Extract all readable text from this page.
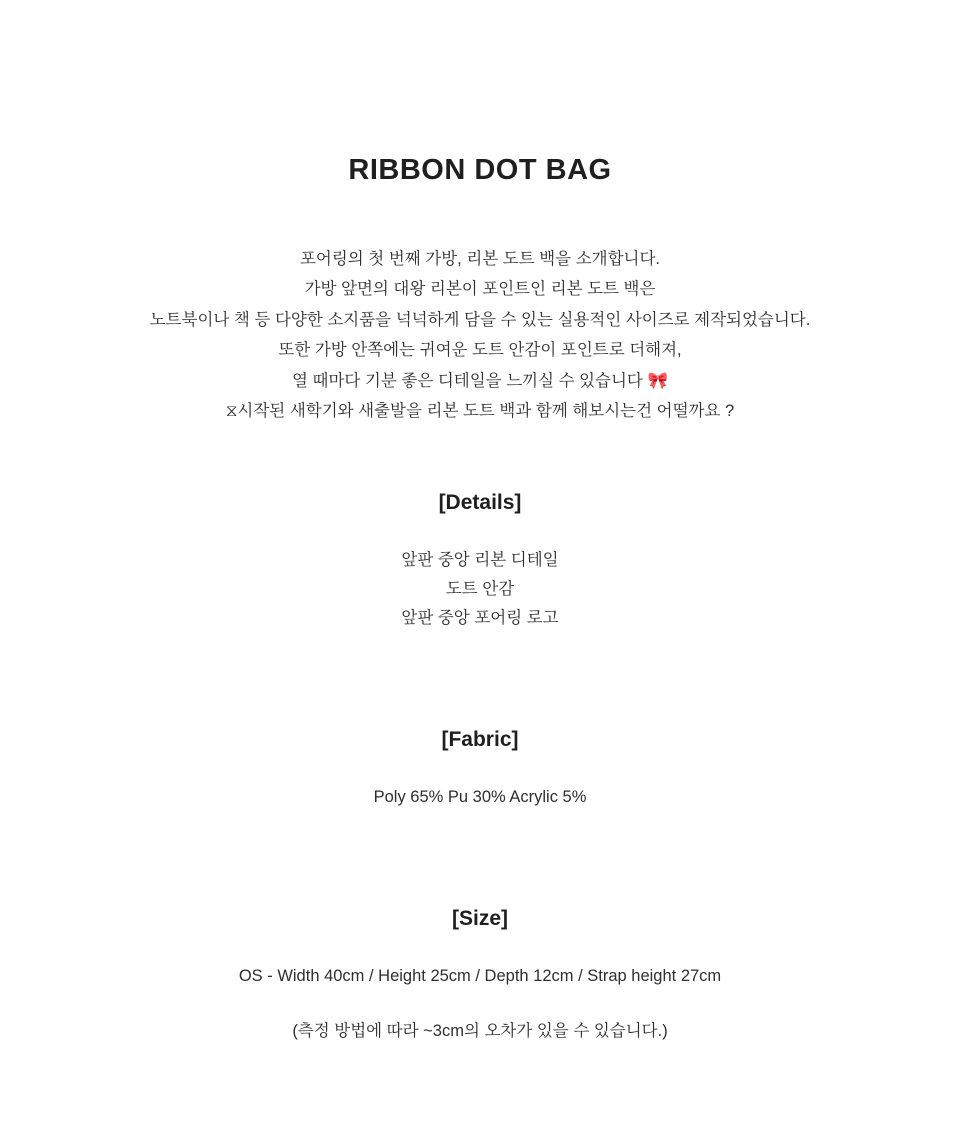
RIBBON DOT BAG

포어링의 첫 번째 가방, 리본 도트 백을 소개합니다.
가방 앞면의 대왕 리본이 포인트인 리본 도트 백은
노트북이나 책 등 다양한 소지품을 넉넉하게 담을 수 있는 실용적인 사이즈로 제작되었습니다.
또한 가방 안쪽에는 귀여운 도트 안감이 포인트로 더해져,
열 때마다 기분 좋은 디테일을 느끼실 수 있습니다 🎀
⧖시작된 새학기와 새출발을 리본 도트 백과 함께 해보시는건 어떨까요 ?

[Details]

앞판 중앙 리본 디테일
도트 안감
앞판 중앙 포어링 로고

[Fabric]

Poly 65% Pu 30% Acrylic 5%

[Size]

OS - Width 40cm / Height 25cm / Depth 12cm / Strap height 27cm

(측정 방법에 따라 ~3cm의 오차가 있을 수 있습니다.)
